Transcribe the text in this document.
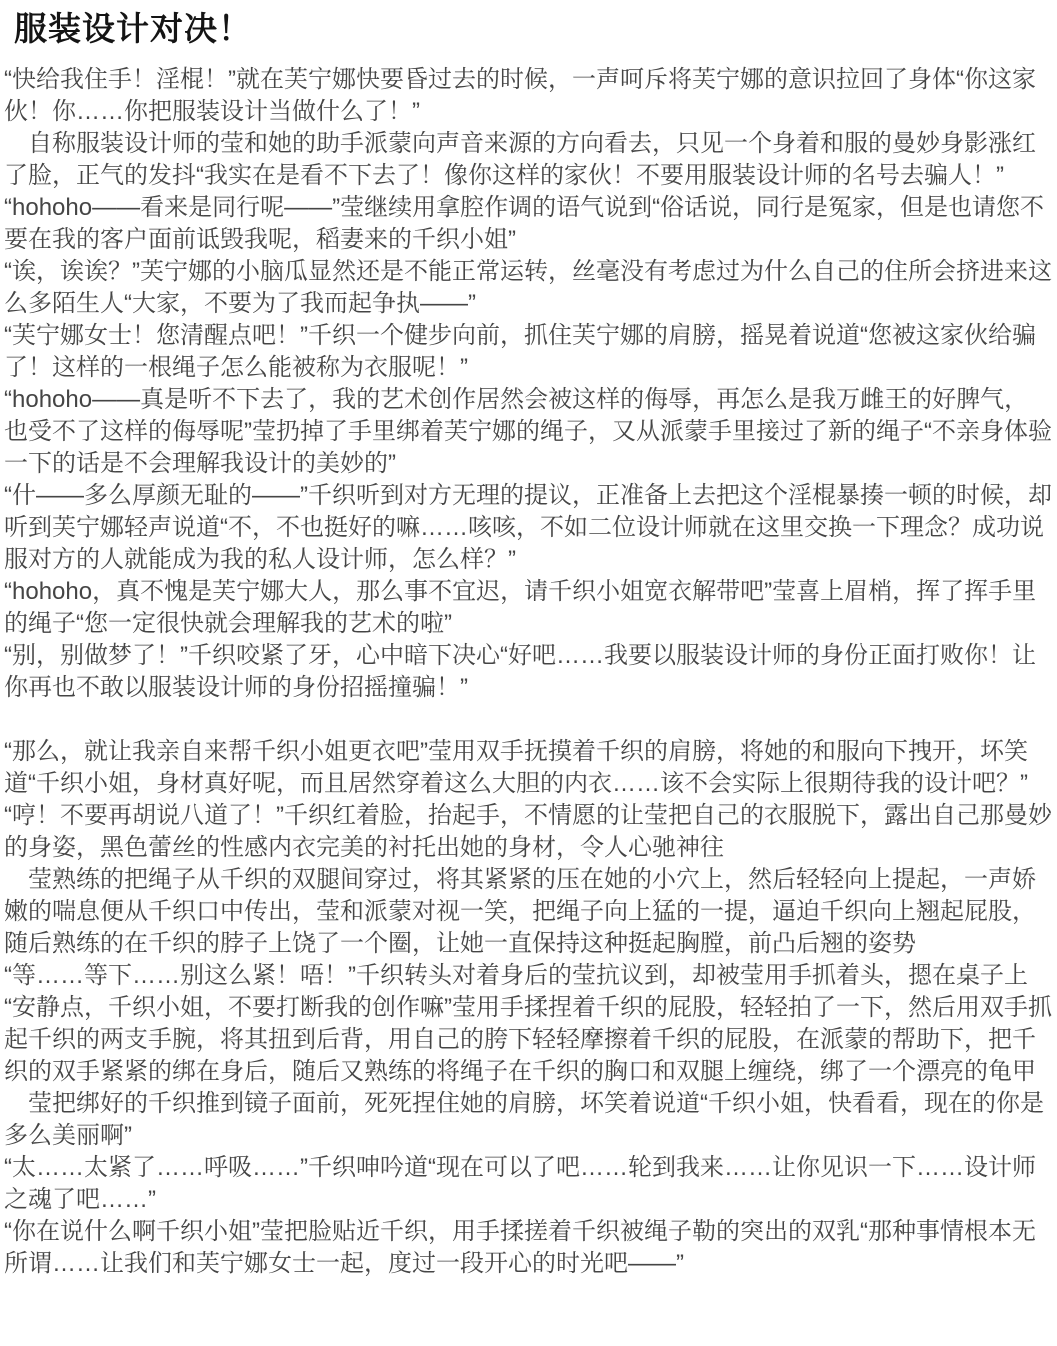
服装设计对决！

“快给我住手！淫棍！”就在芙宁娜快要昏过去的时候，一声呵斥将芙宁娜的意识拉回了身体“你这家伙！你……你把服装设计当做什么了！”

　自称服装设计师的莹和她的助手派蒙向声音来源的方向看去，只见一个身着和服的曼妙身影涨红了脸，正气的发抖“我实在是看不下去了！像你这样的家伙！不要用服装设计师的名号去骗人！”

“hohoho——看来是同行呢——”莹继续用拿腔作调的语气说到“俗话说，同行是冤家，但是也请您不要在我的客户面前诋毁我呢，稻妻来的千织小姐”

“诶，诶诶？”芙宁娜的小脑瓜显然还是不能正常运转，丝毫没有考虑过为什么自己的住所会挤进来这么多陌生人“大家，不要为了我而起争执——”

“芙宁娜女士！您清醒点吧！”千织一个健步向前，抓住芙宁娜的肩膀，摇晃着说道“您被这家伙给骗了！这样的一根绳子怎么能被称为衣服呢！”

“hohoho——真是听不下去了，我的艺术创作居然会被这样的侮辱，再怎么是我万雌王的好脾气，也受不了这样的侮辱呢”莹扔掉了手里绑着芙宁娜的绳子，又从派蒙手里接过了新的绳子“不亲身体验一下的话是不会理解我设计的美妙的”

“什——多么厚颜无耻的——”千织听到对方无理的提议，正准备上去把这个淫棍暴揍一顿的时候，却听到芙宁娜轻声说道“不，不也挺好的嘛……咳咳，不如二位设计师就在这里交换一下理念？成功说服对方的人就能成为我的私人设计师，怎么样？”

“hohoho，真不愧是芙宁娜大人，那么事不宜迟，请千织小姐宽衣解带吧”莹喜上眉梢，挥了挥手里的绳子“您一定很快就会理解我的艺术的啦”

“别，别做梦了！”千织咬紧了牙，心中暗下决心“好吧……我要以服装设计师的身份正面打败你！让你再也不敢以服装设计师的身份招摇撞骗！”

“那么，就让我亲自来帮千织小姐更衣吧”莹用双手抚摸着千织的肩膀，将她的和服向下拽开，坏笑道“千织小姐，身材真好呢，而且居然穿着这么大胆的内衣……该不会实际上很期待我的设计吧？”

“哼！不要再胡说八道了！”千织红着脸，抬起手，不情愿的让莹把自己的衣服脱下，露出自己那曼妙的身姿，黑色蕾丝的性感内衣完美的衬托出她的身材，令人心驰神往

　莹熟练的把绳子从千织的双腿间穿过，将其紧紧的压在她的小穴上，然后轻轻向上提起，一声娇嫩的喘息便从千织口中传出，莹和派蒙对视一笑，把绳子向上猛的一提，逼迫千织向上翘起屁股，随后熟练的在千织的脖子上饶了一个圈，让她一直保持这种挺起胸膛，前凸后翘的姿势

“等……等下……别这么紧！唔！”千织转头对着身后的莹抗议到，却被莹用手抓着头，摁在桌子上

“安静点，千织小姐，不要打断我的创作嘛”莹用手揉捏着千织的屁股，轻轻拍了一下，然后用双手抓起千织的两支手腕，将其扭到后背，用自己的胯下轻轻摩擦着千织的屁股，在派蒙的帮助下，把千织的双手紧紧的绑在身后，随后又熟练的将绳子在千织的胸口和双腿上缠绕，绑了一个漂亮的龟甲

　莹把绑好的千织推到镜子面前，死死捏住她的肩膀，坏笑着说道“千织小姐，快看看，现在的你是多么美丽啊”

“太……太紧了……呼吸……”千织呻吟道“现在可以了吧……轮到我来……让你见识一下……设计师之魂了吧……”

“你在说什么啊千织小姐”莹把脸贴近千织，用手揉搓着千织被绳子勒的突出的双乳“那种事情根本无所谓……让我们和芙宁娜女士一起，度过一段开心的时光吧——”
